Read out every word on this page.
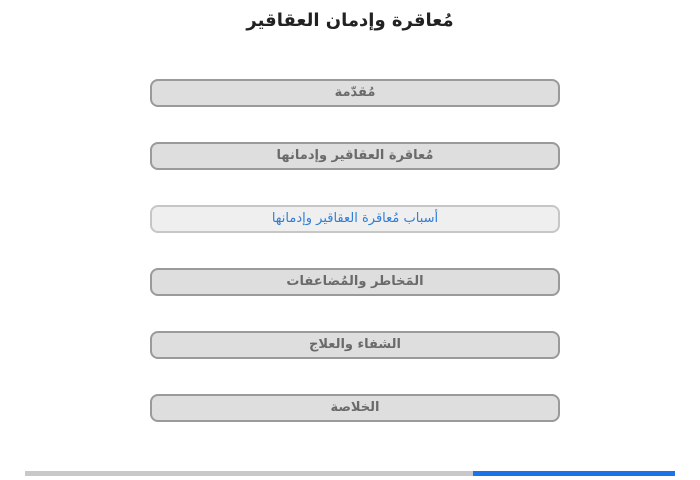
مُعاقرة وإدمان العقاقير
مُقدّمة
مُعاقرة العقاقير وإدمانها
أسباب مُعاقرة العقاقير وإدمانها
المَخاطر والمُضاعفات
الشفاء والعلاج
الخلاصة
